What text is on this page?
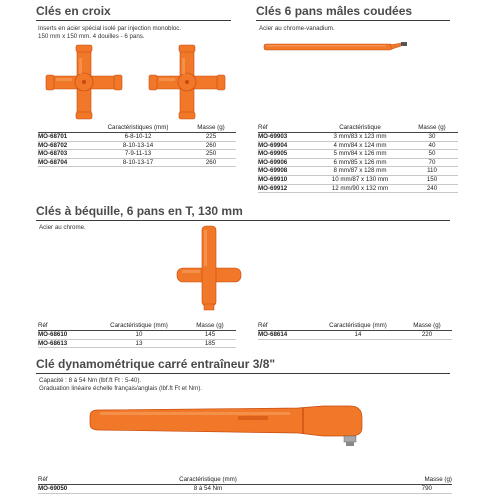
Clés en croix
Inserts en acier spécial isolé par injection monobloc.
150 mm x 150 mm. 4 douilles - 6 pans.
	Caractéristiques (mm)	Masse (g)
MO-68701	6-8-10-12	225
MO-68702	8-10-13-14	260
MO-68703	7-9-11-13	250
MO-68704	8-10-13-17	260
Clés 6 pans mâles coudées
Acier au chrome-vanadium.
Réf	Caractéristique	Masse (g)
MO-69903	3 mm/83 x 123 mm	30
MO-69904	4 mm/84 x 124 mm	40
MO-69905	5 mm/84 x 126 mm	50
MO-69906	6 mm/85 x 126 mm	70
MO-69908	8 mm/87 x 128 mm	110
MO-69910	10 mm/87 x 130 mm	150
MO-69912	12 mm/90 x 132 mm	240
Clés à béquille, 6 pans en T, 130 mm
Acier au chrome.
Réf	Caractéristique (mm)	Masse (g)
MO-68610	10	145
MO-68613	13	185
Réf	Caractéristique (mm)	Masse (g)
MO-68614	14	220
Clé dynamométrique carré entraîneur 3/8"
Capacité : 8 à 54 Nm (lbf.ft Ft : 5-40).
Graduation linéaire échelle français/anglais (lbf.ft Ft et Nm).
Réf	Caractéristique (mm)	Masse (g)
MO-69050	8 à 54 Nm	790
